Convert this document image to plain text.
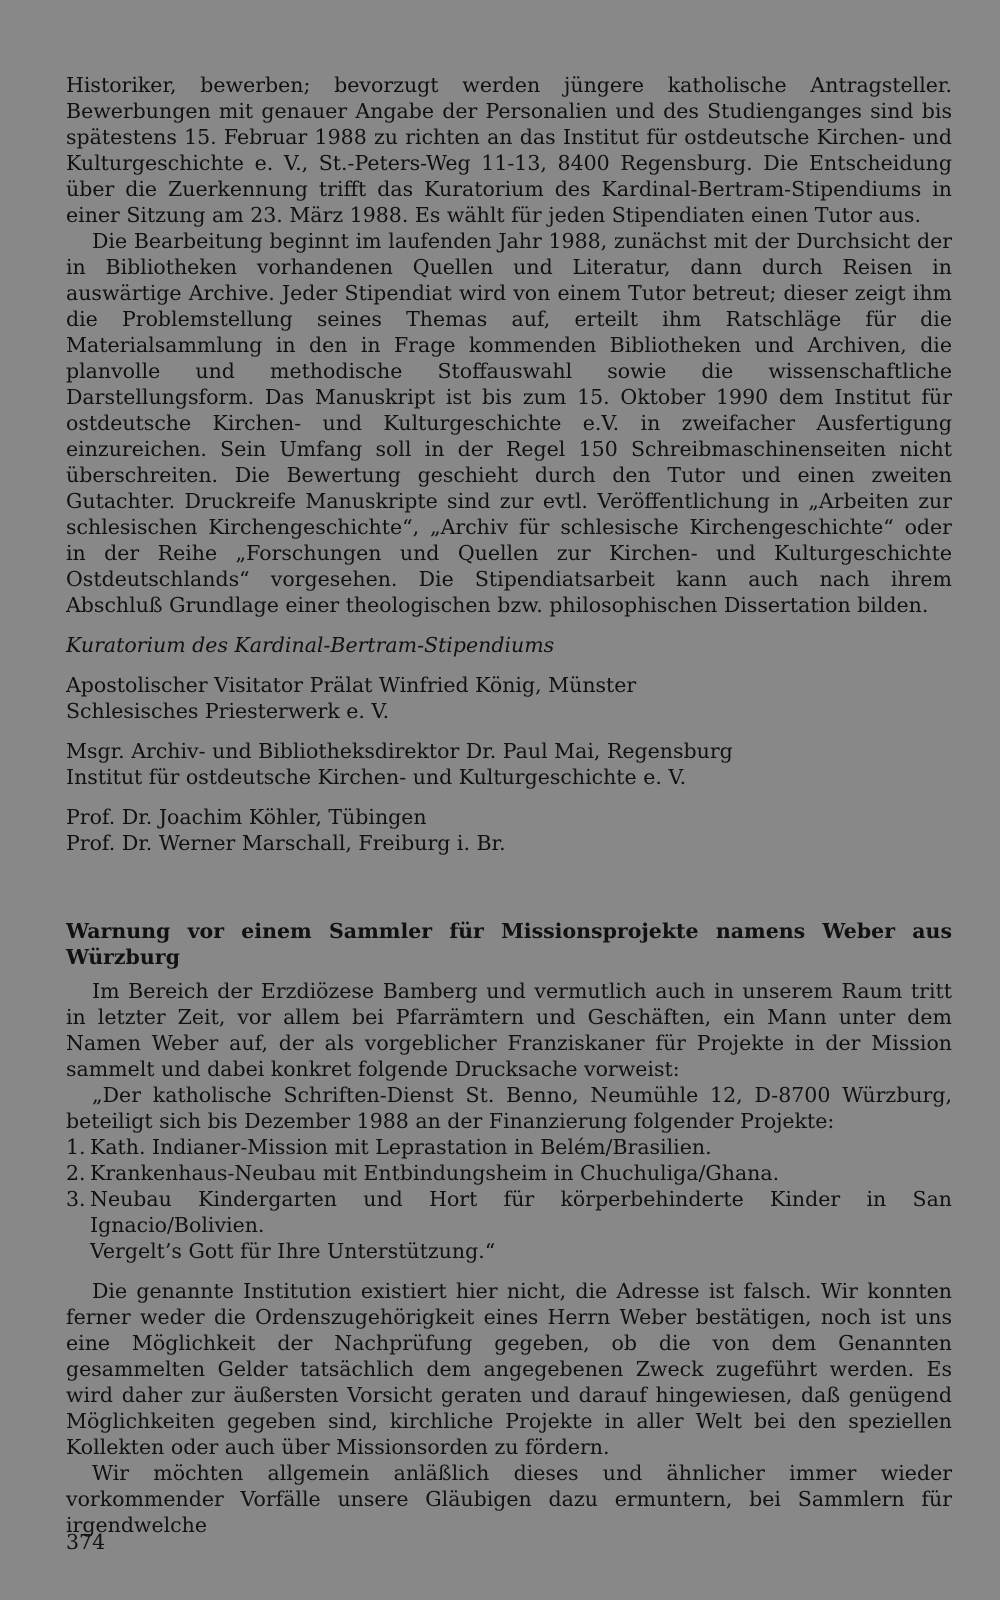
Historiker, bewerben; bevorzugt werden jüngere katholische Antragsteller. Bewerbungen mit genauer Angabe der Personalien und des Studienganges sind bis spätestens 15. Februar 1988 zu richten an das Institut für ostdeutsche Kirchen- und Kulturgeschichte e. V., St.-Peters-Weg 11-13, 8400 Regensburg. Die Entscheidung über die Zuerkennung trifft das Kuratorium des Kardinal-Bertram-Stipendiums in einer Sitzung am 23. März 1988. Es wählt für jeden Stipendiaten einen Tutor aus.

Die Bearbeitung beginnt im laufenden Jahr 1988, zunächst mit der Durchsicht der in Bibliotheken vorhandenen Quellen und Literatur, dann durch Reisen in auswärtige Archive. Jeder Stipendiat wird von einem Tutor betreut; dieser zeigt ihm die Problemstellung seines Themas auf, erteilt ihm Ratschläge für die Materialsammlung in den in Frage kommenden Bibliotheken und Archiven, die planvolle und methodische Stoffauswahl sowie die wissenschaftliche Darstellungsform. Das Manuskript ist bis zum 15. Oktober 1990 dem Institut für ostdeutsche Kirchen- und Kulturgeschichte e.V. in zweifacher Ausfertigung einzureichen. Sein Umfang soll in der Regel 150 Schreibmaschinenseiten nicht überschreiten. Die Bewertung geschieht durch den Tutor und einen zweiten Gutachter. Druckreife Manuskripte sind zur evtl. Veröffentlichung in „Arbeiten zur schlesischen Kirchengeschichte“, „Archiv für schlesische Kirchengeschichte“ oder in der Reihe „Forschungen und Quellen zur Kirchen- und Kulturgeschichte Ostdeutschlands“ vorgesehen. Die Stipendiatsarbeit kann auch nach ihrem Abschluß Grundlage einer theologischen bzw. philosophischen Dissertation bilden.

Kuratorium des Kardinal-Bertram-Stipendiums

Apostolischer Visitator Prälat Winfried König, Münster

Schlesisches Priesterwerk e. V.

Msgr. Archiv- und Bibliotheksdirektor Dr. Paul Mai, Regensburg

Institut für ostdeutsche Kirchen- und Kulturgeschichte e. V.

Prof. Dr. Joachim Köhler, Tübingen

Prof. Dr. Werner Marschall, Freiburg i. Br.

Warnung vor einem Sammler für Missionsprojekte namens Weber aus Würzburg

Im Bereich der Erzdiözese Bamberg und vermutlich auch in unserem Raum tritt in letzter Zeit, vor allem bei Pfarrämtern und Geschäften, ein Mann unter dem Namen Weber auf, der als vorgeblicher Franziskaner für Projekte in der Mission sammelt und dabei konkret folgende Drucksache vorweist:

„Der katholische Schriften-Dienst St. Benno, Neumühle 12, D-8700 Würzburg, beteiligt sich bis Dezember 1988 an der Finanzierung folgender Projekte:

1. Kath. Indianer-Mission mit Leprastation in Belém/Brasilien.
2. Krankenhaus-Neubau mit Entbindungsheim in Chuchuliga/Ghana.
3. Neubau Kindergarten und Hort für körperbehinderte Kinder in San Ignacio/Bolivien.

Vergelt’s Gott für Ihre Unterstützung.“

Die genannte Institution existiert hier nicht, die Adresse ist falsch. Wir konnten ferner weder die Ordenszugehörigkeit eines Herrn Weber bestätigen, noch ist uns eine Möglichkeit der Nachprüfung gegeben, ob die von dem Genannten gesammelten Gelder tatsächlich dem angegebenen Zweck zugeführt werden. Es wird daher zur äußersten Vorsicht geraten und darauf hingewiesen, daß genügend Möglichkeiten gegeben sind, kirchliche Projekte in aller Welt bei den speziellen Kollekten oder auch über Missionsorden zu fördern.

Wir möchten allgemein anläßlich dieses und ähnlicher immer wieder vorkommender Vorfälle unsere Gläubigen dazu ermuntern, bei Sammlern für irgendwelche

374
